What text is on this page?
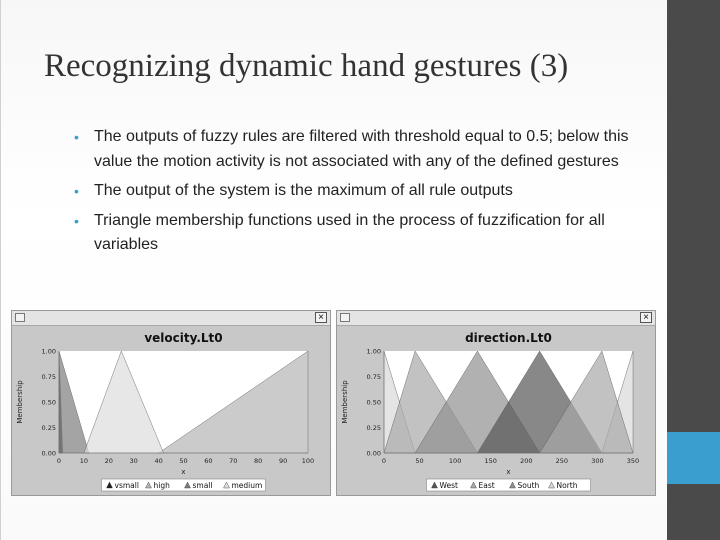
Recognizing dynamic hand gestures (3)
• The outputs of fuzzy rules are filtered with threshold equal to 0.5; below this value the motion activity is not associated with any of the defined gestures
• The output of the system is the maximum of all rule outputs
• Triangle membership functions used in the process of fuzzification for all variables
×
velocity.Lt0
0	10	20	30	40	50	60	70	80	90 100
0.00
0.25
0.50
0.75
1.00
x
Membership
vsmall high	small	medium
×
direction.Lt0
0	50	100	150	200	250	300	350
0.00
0.25
0.50
0.75
1.00
x
Membership
West	East	South North
